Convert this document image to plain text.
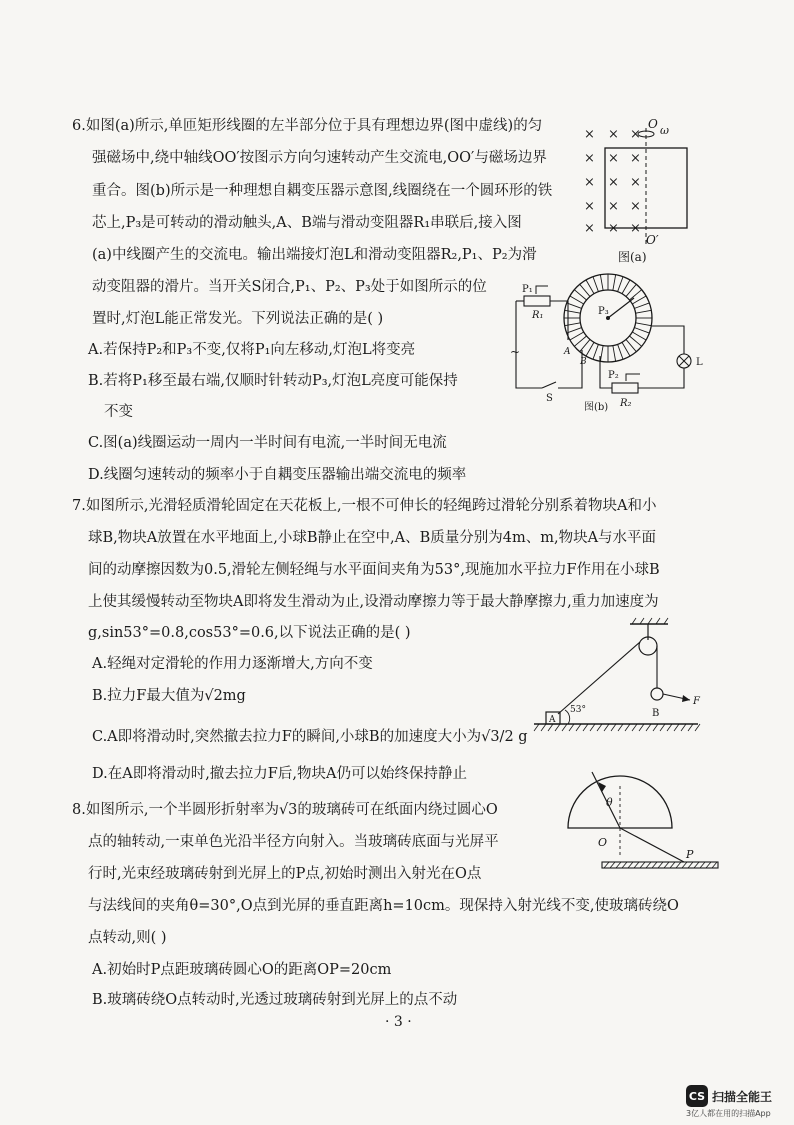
6.如图(a)所示,单匝矩形线圈的左半部分位于具有理想边界(图中虚线)的匀
强磁场中,绕中轴线OO′按图示方向匀速转动产生交流电,OO′与磁场边界
重合。图(b)所示是一种理想自耦变压器示意图,线圈绕在一个圆环形的铁
芯上,P₃是可转动的滑动触头,A、B端与滑动变阻器R₁串联后,接入图
(a)中线圈产生的交流电。输出端接灯泡L和滑动变阻器R₂,P₁、P₂为滑
动变阻器的滑片。当开关S闭合,P₁、P₂、P₃处于如图所示的位
置时,灯泡L能正常发光。下列说法正确的是( )
A.若保持P₂和P₃不变,仅将P₁向左移动,灯泡L将变亮
B.若将P₁移至最右端,仅顺时针转动P₃,灯泡L亮度可能保持
不变
C.图(a)线圈运动一周内一半时间有电流,一半时间无电流
D.线圈匀速转动的频率小于自耦变压器输出端交流电的频率
× × ×
× × ×
× × ×
× × ×
× × ×
O ω
O′
图(a)
P₃
P₁
R₁
~	A
B
S
L
P₂
R₂
图(b)
7.如图所示,光滑轻质滑轮固定在天花板上,一根不可伸长的轻绳跨过滑轮分别系着物块A和小
球B,物块A放置在水平地面上,小球B静止在空中,A、B质量分别为4m、m,物块A与水平面
间的动摩擦因数为0.5,滑轮左侧轻绳与水平面间夹角为53°,现施加水平拉力F作用在小球B
上使其缓慢转动至物块A即将发生滑动为止,设滑动摩擦力等于最大静摩擦力,重力加速度为
g,sin53°=0.8,cos53°=0.6,以下说法正确的是( )
A.轻绳对定滑轮的作用力逐渐增大,方向不变
B.拉力F最大值为√2mg
C.A即将滑动时,突然撤去拉力F的瞬间,小球B的加速度大小为√3/2 g
D.在A即将滑动时,撤去拉力F后,物块A仍可以始终保持静止
B
F
A
53°
8.如图所示,一个半圆形折射率为√3的玻璃砖可在纸面内绕过圆心O
点的轴转动,一束单色光沿半径方向射入。当玻璃砖底面与光屏平
行时,光束经玻璃砖射到光屏上的P点,初始时测出入射光在O点
与法线间的夹角θ=30°,O点到光屏的垂直距离h=10cm。现保持入射光线不变,使玻璃砖绕O
点转动,则( )
A.初始时P点距玻璃砖圆心O的距离OP=20cm
B.玻璃砖绕O点转动时,光透过玻璃砖射到光屏上的点不动
θ
O
P
· 3 ·
CS 扫描全能王
3亿人都在用的扫描App
